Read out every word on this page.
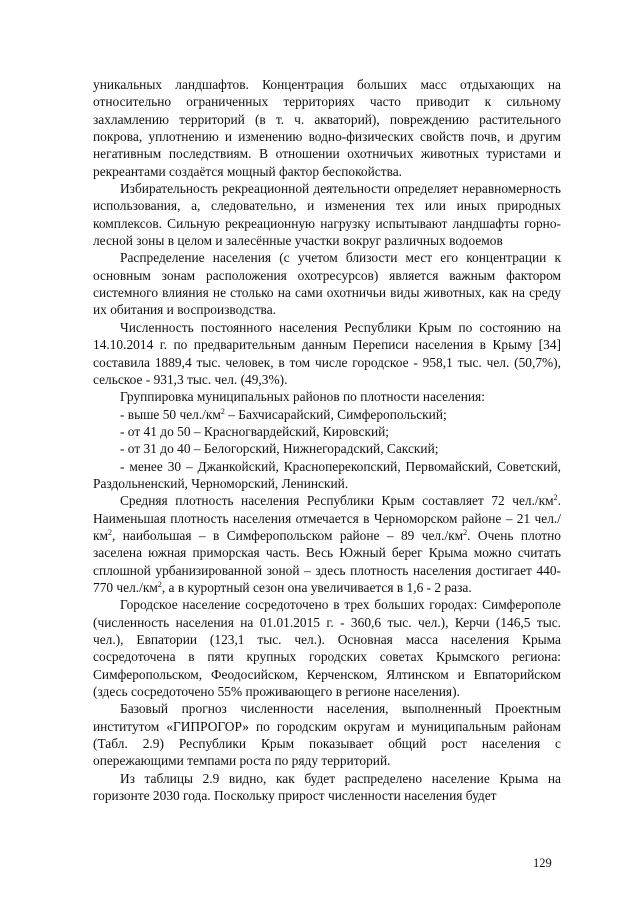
уникальных ландшафтов. Концентрация больших масс отдыхающих на относительно ограниченных территориях часто приводит к сильному захламлению территорий (в т. ч. акваторий), повреждению растительного покрова, уплотнению и изменению водно-физических свойств почв, и другим негативным последствиям. В отношении охотничьих животных туристами и рекреантами создаётся мощный фактор беспокойства.

Избирательность рекреационной деятельности определяет неравномерность использования, а, следовательно, и изменения тех или иных природных комплексов. Сильную рекреационную нагрузку испытывают ландшафты горно-лесной зоны в целом и залесённые участки вокруг различных водоемов

Распределение населения (с учетом близости мест его концентрации к основным зонам расположения охотресурсов) является важным фактором системного влияния не столько на сами охотничьи виды животных, как на среду их обитания и воспроизводства.

Численность постоянного населения Республики Крым по состоянию на 14.10.2014 г. по предварительным данным Переписи населения в Крыму [34] составила 1889,4 тыс. человек, в том числе городское - 958,1 тыс. чел. (50,7%), сельское - 931,3 тыс. чел. (49,3%).

Группировка муниципальных районов по плотности населения:

- выше 50 $чел./км^2$ – Бахчисарайский, Симферопольский;

- от 41 до 50 – Красногвардейский, Кировский;

- от 31 до 40 – Белогорский, Нижнегорадский, Сакский;

- менее 30 – Джанкойский, Красноперекопский, Первомайский, Советский, Раздольненский, Черноморский, Ленинский.

Средняя плотность населения Республики Крым составляет 72 $чел./км^2$. Наименьшая плотность населения отмечается в Черноморском районе – 21 $чел./км^2$, наибольшая – в Симферопольском районе – 89 $чел./км^2$. Очень плотно заселена южная приморская часть. Весь Южный берег Крыма можно считать сплошной урбанизированной зоной – здесь плотность населения достигает 440-770 $чел./км^2$, а в курортный сезон она увеличивается в 1,6 - 2 раза.

Городское население сосредоточено в трех больших городах: Симферополе (численность населения на 01.01.2015 г. - 360,6 тыс. чел.), Керчи (146,5 тыс. чел.), Евпатории (123,1 тыс. чел.). Основная масса населения Крыма сосредоточена в пяти крупных городских советах Крымского региона: Симферопольском, Феодосийском, Керченском, Ялтинском и Евпаторийском (здесь сосредоточено 55% проживающего в регионе населения).

Базовый прогноз численности населения, выполненный Проектным институтом «ГИПРОГОР» по городским округам и муниципальным районам (Табл. 2.9) Республики Крым показывает общий рост населения с опережающими темпами роста по ряду территорий.

Из таблицы 2.9 видно, как будет распределено население Крыма на горизонте 2030 года. Поскольку прирост численности населения будет

129
